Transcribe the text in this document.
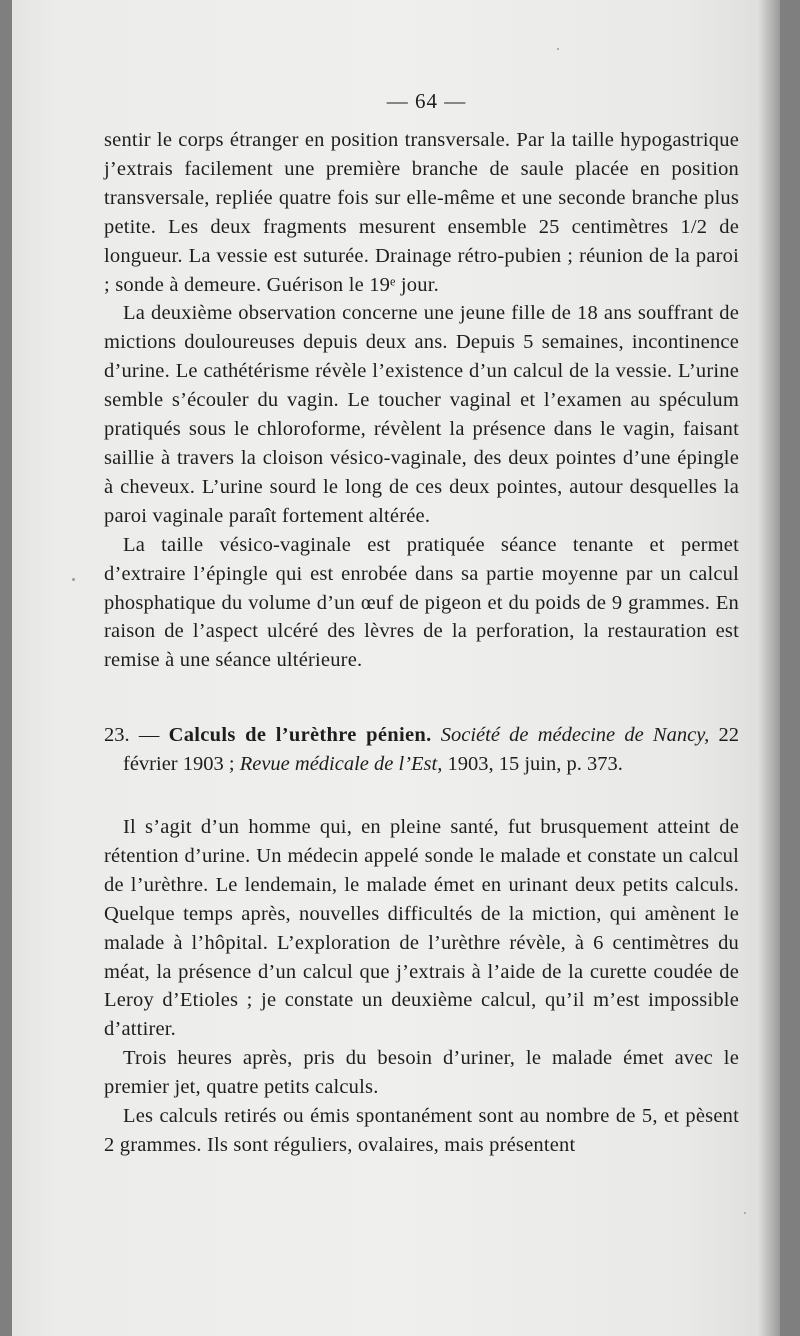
— 64 —

sentir le corps étranger en position transversale. Par la taille hypogastrique j’extrais facilement une première branche de saule placée en position transversale, repliée quatre fois sur elle-même et une seconde branche plus petite. Les deux fragments mesurent ensemble 25 centimètres 1/2 de longueur. La vessie est suturée. Drainage rétro-pubien ; réunion de la paroi ; sonde à demeure. Guérison le 19ᵉ jour.

La deuxième observation concerne une jeune fille de 18 ans souffrant de mictions douloureuses depuis deux ans. Depuis 5 semaines, incontinence d’urine. Le cathétérisme révèle l’existence d’un calcul de la vessie. L’urine semble s’écouler du vagin. Le toucher vaginal et l’examen au spéculum pratiqués sous le chloroforme, révèlent la présence dans le vagin, faisant saillie à travers la cloison vésico-vaginale, des deux pointes d’une épingle à cheveux. L’urine sourd le long de ces deux pointes, autour desquelles la paroi vaginale paraît fortement altérée.

La taille vésico-vaginale est pratiquée séance tenante et permet d’extraire l’épingle qui est enrobée dans sa partie moyenne par un calcul phosphatique du volume d’un œuf de pigeon et du poids de 9 grammes. En raison de l’aspect ulcéré des lèvres de la perforation, la restauration est remise à une séance ultérieure.

23. — Calculs de l’urèthre pénien. Société de médecine de Nancy, 22 février 1903 ; Revue médicale de l’Est, 1903, 15 juin, p. 373.

Il s’agit d’un homme qui, en pleine santé, fut brusquement atteint de rétention d’urine. Un médecin appelé sonde le malade et constate un calcul de l’urèthre. Le lendemain, le malade émet en urinant deux petits calculs. Quelque temps après, nouvelles difficultés de la miction, qui amènent le malade à l’hôpital. L’exploration de l’urèthre révèle, à 6 centimètres du méat, la présence d’un calcul que j’extrais à l’aide de la curette coudée de Leroy d’Etioles ; je constate un deuxième calcul, qu’il m’est impossible d’attirer.

Trois heures après, pris du besoin d’uriner, le malade émet avec le premier jet, quatre petits calculs.

Les calculs retirés ou émis spontanément sont au nombre de 5, et pèsent 2 grammes. Ils sont réguliers, ovalaires, mais présentent
